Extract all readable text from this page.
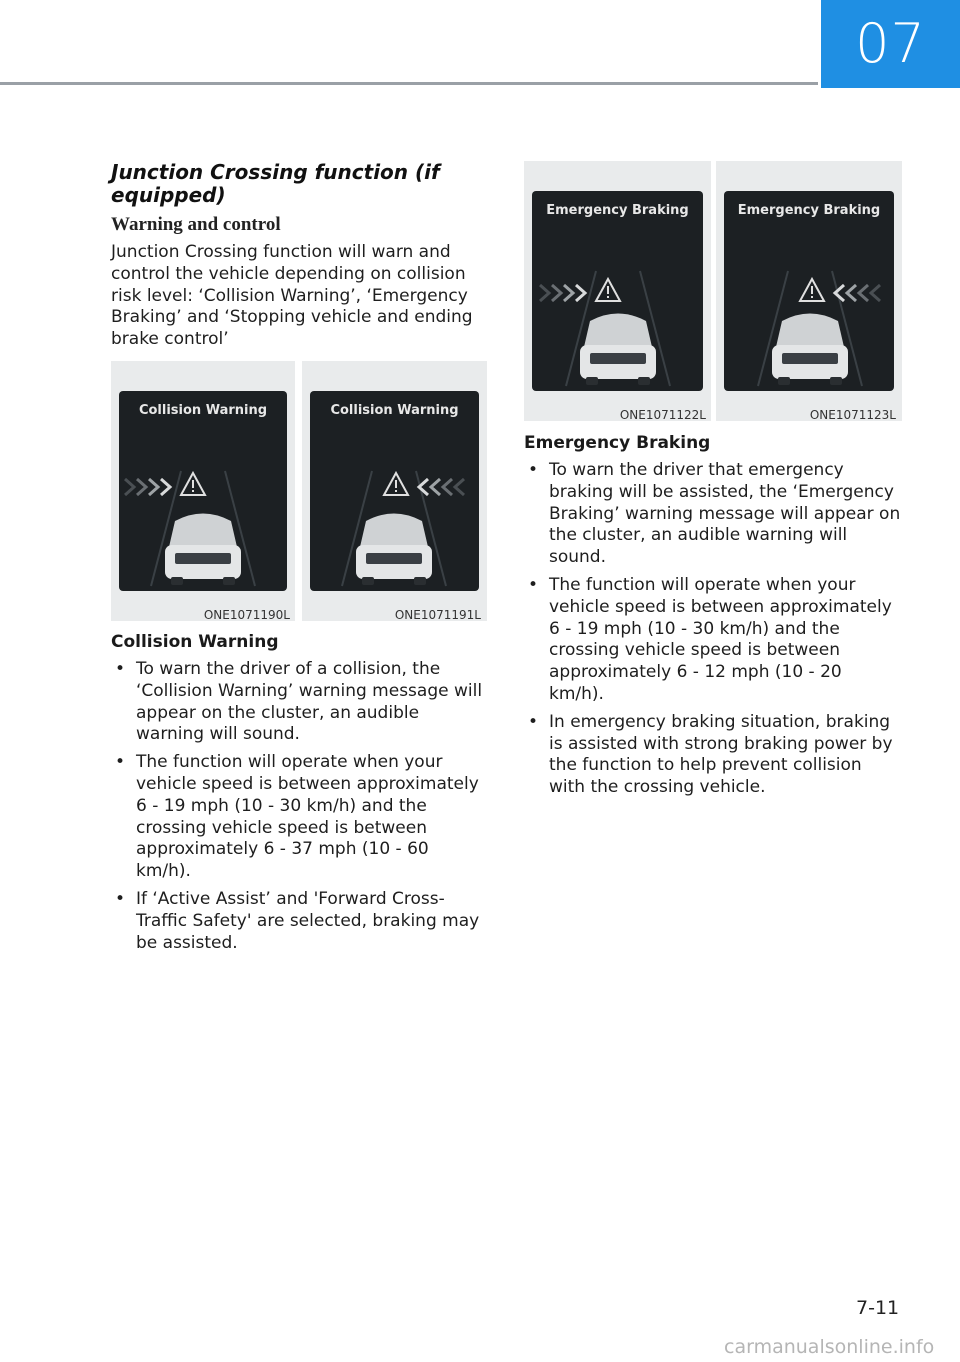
07
Junction Crossing function (if equipped)
Warning and control
Junction Crossing function will warn and control the vehicle depending on collision risk level: ‘Collision Warning’, ‘Emergency Braking’ and ‘Stopping vehicle and ending brake control’
Collision Warning
ONE1071190L
Collision Warning
ONE1071191L
Collision Warning
• To warn the driver of a collision, the ‘Collision Warning’ warning message will appear on the cluster, an audible warning will sound.
• The function will operate when your vehicle speed is between approximately 6 - 19 mph (10 - 30 km/h) and the crossing vehicle speed is between approximately 6 - 37 mph (10 - 60 km/h).
• If ‘Active Assist’ and 'Forward Cross-Traffic Safety' are selected, braking may be assisted.
Emergency Braking
ONE1071122L
Emergency Braking
ONE1071123L
Emergency Braking
• To warn the driver that emergency braking will be assisted, the ‘Emergency Braking’ warning message will appear on the cluster, an audible warning will sound.
• The function will operate when your vehicle speed is between approximately 6 - 19 mph (10 - 30 km/h) and the crossing vehicle speed is between approximately 6 - 12 mph (10 - 20 km/h).
• In emergency braking situation, braking is assisted with strong braking power by the function to help prevent collision with the crossing vehicle.
7-11
carmanualsonline.info
